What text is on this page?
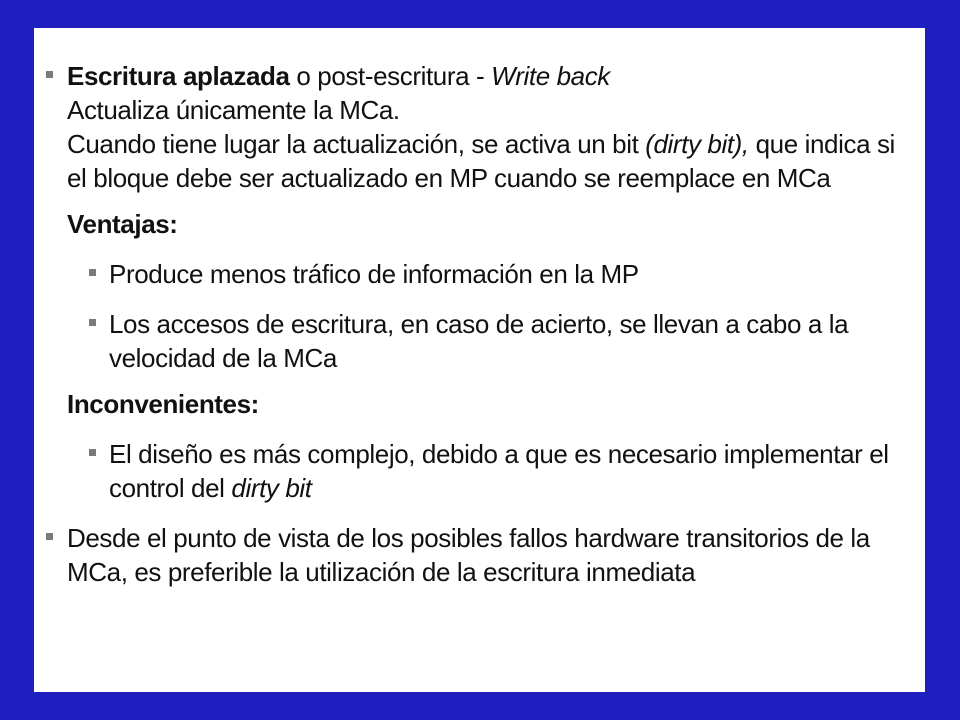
Escritura aplazada o post-escritura - Write back
Actualiza únicamente la MCa.
Cuando tiene lugar la actualización, se activa un bit (dirty bit), que indica si
el bloque debe ser actualizado en MP cuando se reemplace en MCa
Ventajas:
Produce menos tráfico de información en la MP
Los accesos de escritura, en caso de acierto, se llevan a cabo a la
velocidad de la MCa
Inconvenientes:
El diseño es más complejo, debido a que es necesario implementar el
control del dirty bit
Desde el punto de vista de los posibles fallos hardware transitorios de la
MCa, es preferible la utilización de la escritura inmediata
